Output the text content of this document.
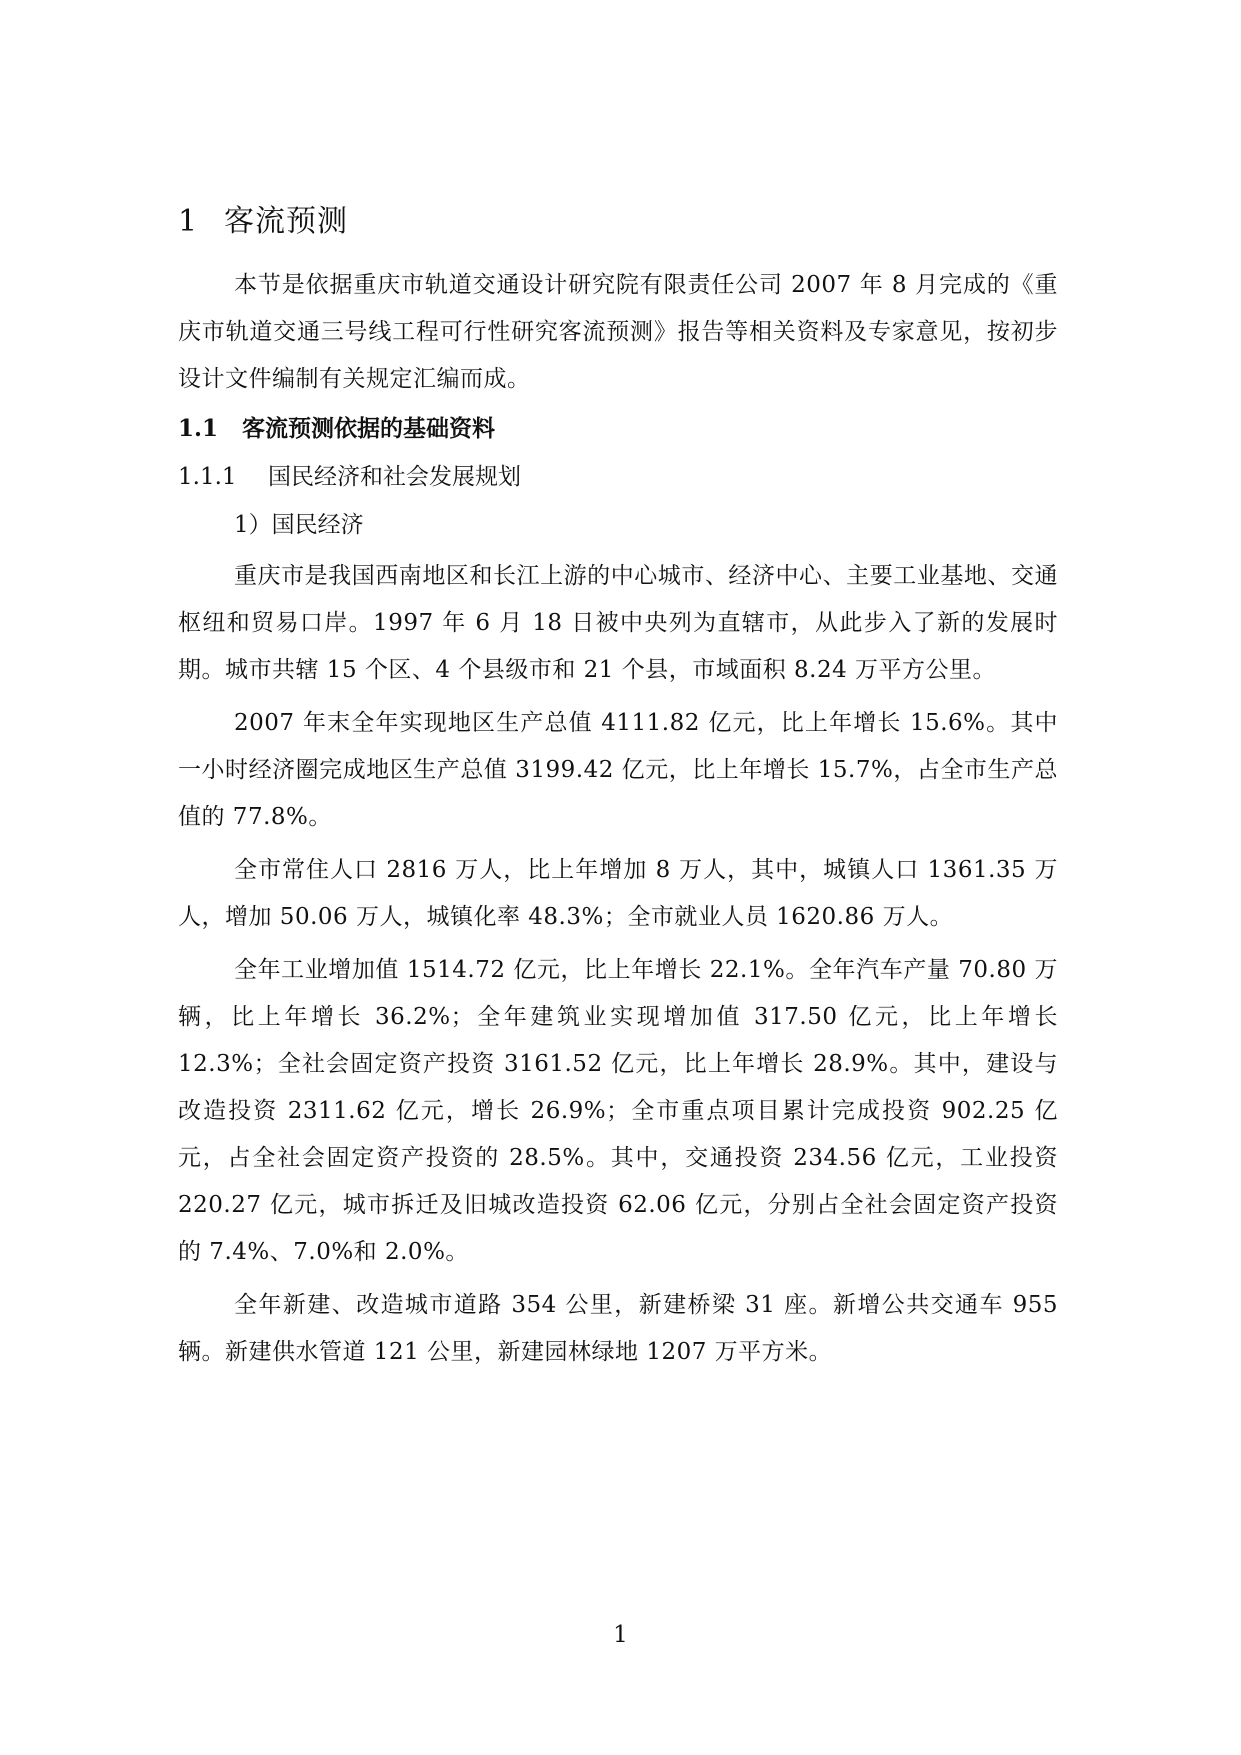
1 客流预测

本节是依据重庆市轨道交通设计研究院有限责任公司 2007 年 8 月完成的《重庆市轨道交通三号线工程可行性研究客流预测》报告等相关资料及专家意见，按初步设计文件编制有关规定汇编而成。

1.1 客流预测依据的基础资料
1.1.1 国民经济和社会发展规划
1）国民经济

重庆市是我国西南地区和长江上游的中心城市、经济中心、主要工业基地、交通枢纽和贸易口岸。1997 年 6 月 18 日被中央列为直辖市，从此步入了新的发展时期。城市共辖 15 个区、4 个县级市和 21 个县，市域面积 8.24 万平方公里。

2007 年末全年实现地区生产总值 4111.82 亿元，比上年增长 15.6%。其中一小时经济圈完成地区生产总值 3199.42 亿元，比上年增长 15.7%，占全市生产总值的 77.8%。

全市常住人口 2816 万人，比上年增加 8 万人，其中，城镇人口 1361.35 万人，增加 50.06 万人，城镇化率 48.3%；全市就业人员 1620.86 万人。

全年工业增加值 1514.72 亿元，比上年增长 22.1%。全年汽车产量 70.80 万辆，比上年增长 36.2%；全年建筑业实现增加值 317.50 亿元，比上年增长 12.3%；全社会固定资产投资 3161.52 亿元，比上年增长 28.9%。其中，建设与改造投资 2311.62 亿元，增长 26.9%；全市重点项目累计完成投资 902.25 亿元，占全社会固定资产投资的 28.5%。其中，交通投资 234.56 亿元，工业投资 220.27 亿元，城市拆迁及旧城改造投资 62.06 亿元，分别占全社会固定资产投资的 7.4%、7.0%和 2.0%。

全年新建、改造城市道路 354 公里，新建桥梁 31 座。新增公共交通车 955 辆。新建供水管道 121 公里，新建园林绿地 1207 万平方米。

1
